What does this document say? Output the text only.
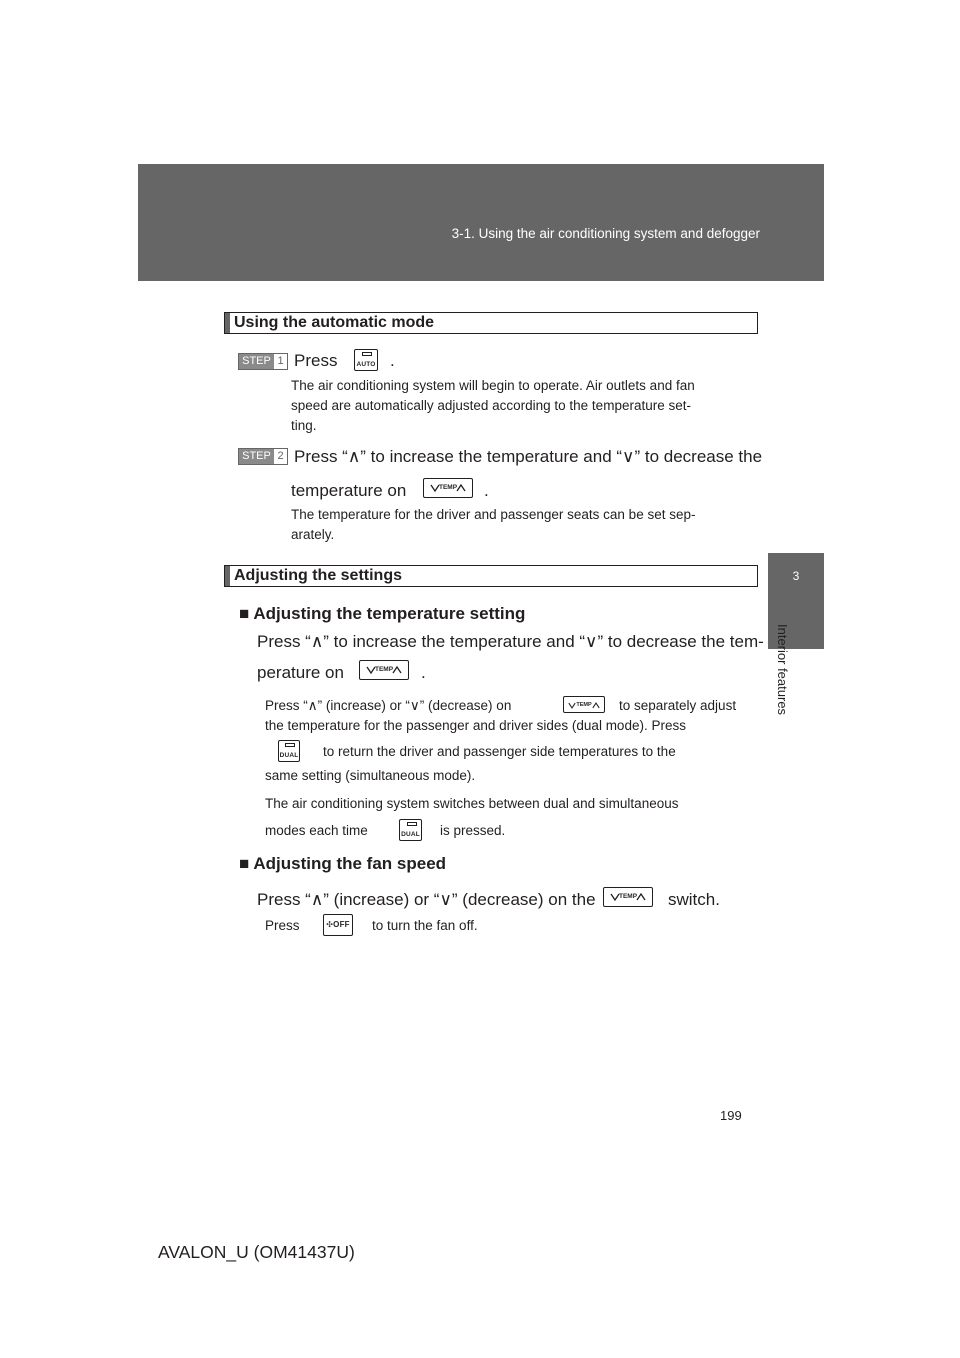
3-1. Using the air conditioning system and defogger
3
Interior features
Using the automatic mode
STEP 1 Press	AUTO .
The air conditioning system will begin to operate. Air outlets and fan
speed are automatically adjusted according to the temperature set-
ting.
STEP 2 Press “∧” to increase the temperature and “∨” to decrease the
temperature on	TEMP	.
The temperature for the driver and passenger seats can be set sep-
arately.
Adjusting the settings
■ Adjusting the temperature setting
Press “∧” to increase the temperature and “∨” to decrease the tem-
perature on	TEMP	.
Press “∧” (increase) or “∨” (decrease) on	TEMP	to separately adjust
the temperature for the passenger and driver sides (dual mode). Press
DUAL to return the driver and passenger side temperatures to the
same setting (simultaneous mode).
The air conditioning system switches between dual and simultaneous
modes each time	DUAL is pressed.
■ Adjusting the fan speed
Press “∧” (increase) or “∨” (decrease) on the	TEMP	switch.
Press	✣OFF to turn the fan off.
199
AVALON_U (OM41437U)
